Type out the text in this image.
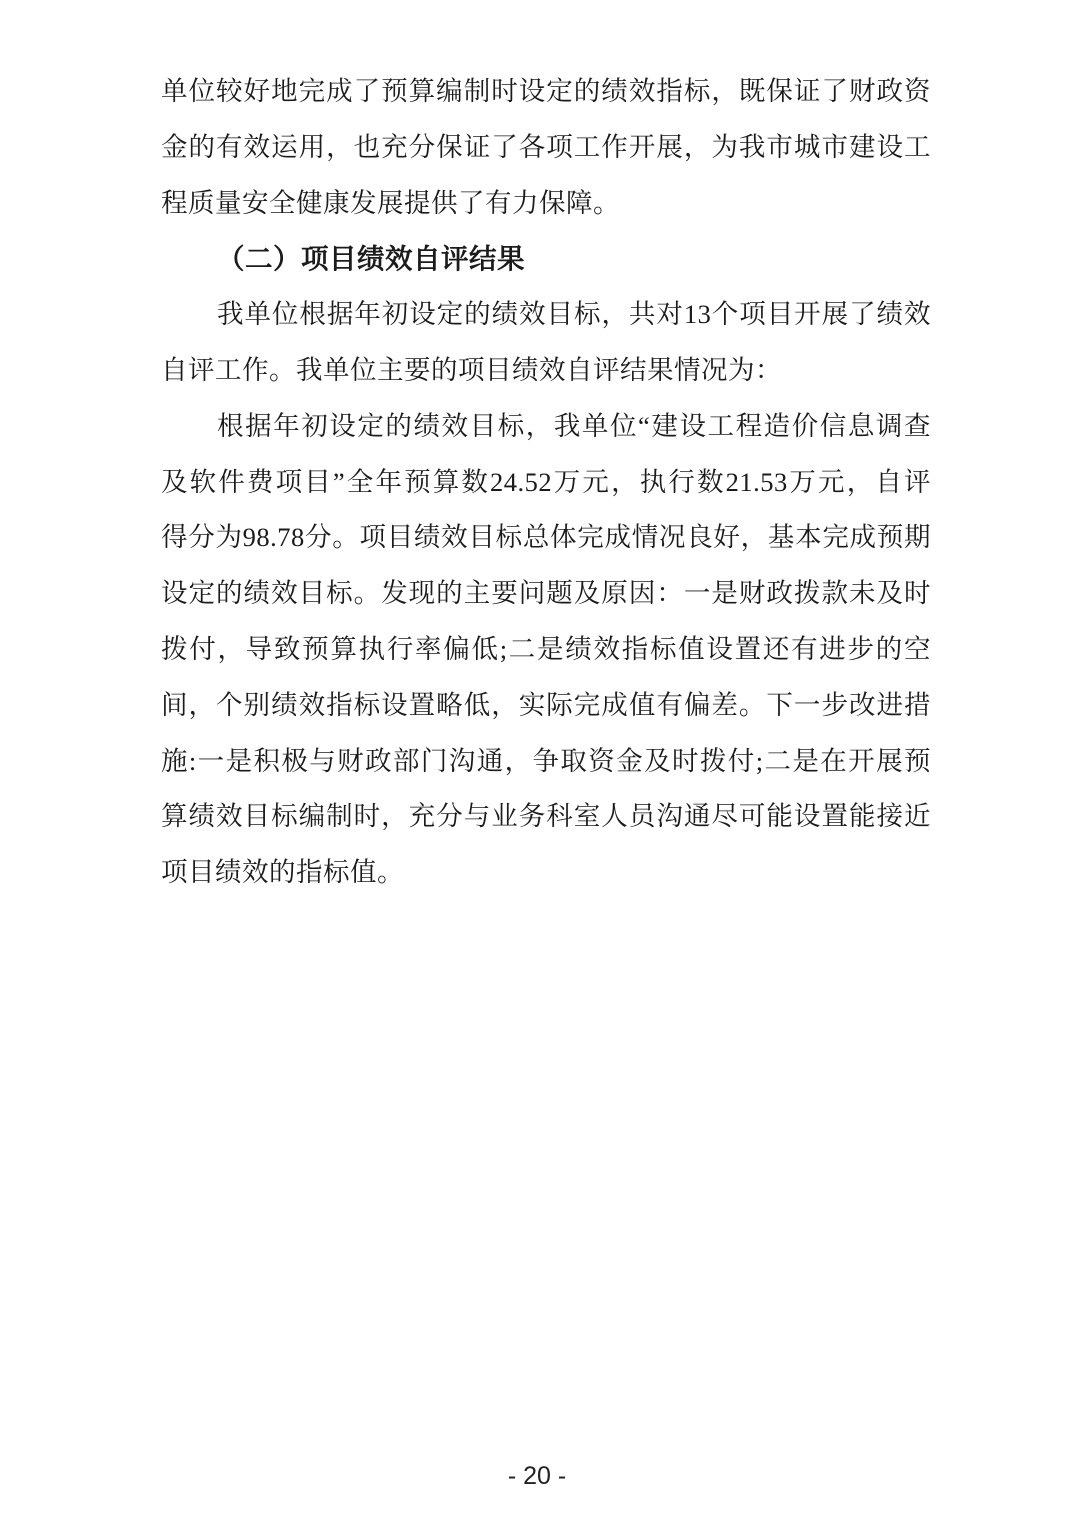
单位较好地完成了预算编制时设定的绩效指标，既保证了财政资
金的有效运用，也充分保证了各项工作开展，为我市城市建设工
程质量安全健康发展提供了有力保障。
（二）项目绩效自评结果
我单位根据年初设定的绩效目标，共对13个项目开展了绩效
自评工作。我单位主要的项目绩效自评结果情况为：
根据年初设定的绩效目标，我单位“建设工程造价信息调查
及软件费项目”全年预算数24.52万元，执行数21.53万元，自评
得分为98.78分。项目绩效目标总体完成情况良好，基本完成预期
设定的绩效目标。发现的主要问题及原因：一是财政拨款未及时
拨付，导致预算执行率偏低;二是绩效指标值设置还有进步的空
间，个别绩效指标设置略低，实际完成值有偏差。下一步改进措
施:一是积极与财政部门沟通，争取资金及时拨付;二是在开展预
算绩效目标编制时，充分与业务科室人员沟通尽可能设置能接近
项目绩效的指标值。
- 20 -
